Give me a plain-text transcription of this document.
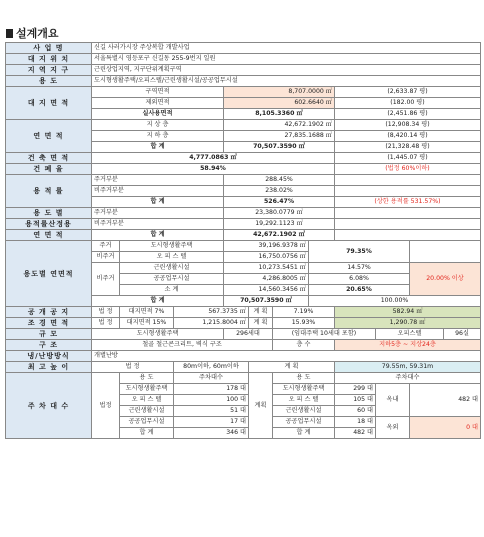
설계개요
사 업 명	신길 사러가시장 주상복합 개발사업										
대 지 위 치	서울특별시 영등포구 신길동 255-9번지 일원										
지 역 지 구	근린상업지역, 지구단위계획구역										
용 도	도시형생활주택/오피스텔/근린생활시설/공공업무시설										
대 지 면 적	구역면적			8,707.0000 ㎡				(2,633.87 평)			
	제외면적			602.6640 ㎡				(182.00 평)			
	실사용면적			8,105.3360 ㎡				(2,451.86 평)			
연 면 적	지 상 층			42,672.1902 ㎡				(12,908.34 평)			
	지 하 층			27,835.1688 ㎡				(8,420.14 평)			
	합 계			70,507.3590 ㎡				(21,328.48 평)			
건 축 면 적	4,777.0863 ㎡							(1,445.07 평)			
건 폐 율	58.94%							(법정 60%이하)			
용 적 률	주거부분			288.45%							
	비주거부분			238.02%							
	합 계			526.47%				(상한 용적률 531.57%)			
용 도 별	주거부분			23,380.0779 ㎡							
용적률산정용	비주거부분			19,292.1123 ㎡							
연 면 적	합 계			42,672.1902 ㎡							
용도별 연면적	주거	도시형생활주택		39,196.9378 ㎡			79.35%				
	비주거	오 피 스 텔		16,750.0756 ㎡							
	비주거	근린생활시설		10,273.5451 ㎡			14.57%			20.00% 이상	
		공공업무시설		4,286.8005 ㎡			6.08%				
		소 계		14,560.3456 ㎡			20.65%				
	합 계			70,507.3590 ㎡			100.00%				
공 개 공 지	법 정	대지면적 7%	567.3735 ㎡		계 획	7.19%		582.94 ㎡			
조 경 면 적	법 정	대지면적 15%	1,215.8004 ㎡		계 획	15.93%		1,290.78 ㎡			
규 모	도시형생활주택			296세대		(임대주택 10세대 포함)			오피스텔		96실
구 조	철골 철근콘크리트, 벽식 구조					층 수		지하5층 ~ 지상24층			
냉/난방방식	개별난방										
최 고 높 이	법 정		80m이하, 60m이하		계 획			79.55m, 59.31m			
주 차 대 수	법정	용 도	주차대수		계획	용 도		주차대수			
		도시형생활주택	178 대			도시형생활주택		299 대	옥내	482 대	
		오 피 스 텔	100 대			오 피 스 텔		105 대			
		근린생활시설	51 대			근린생활시설		60 대			
		공공업무시설	17 대			공공업무시설		18 대	옥외	0 대	
		합 계	346 대			합 계		482 대			
